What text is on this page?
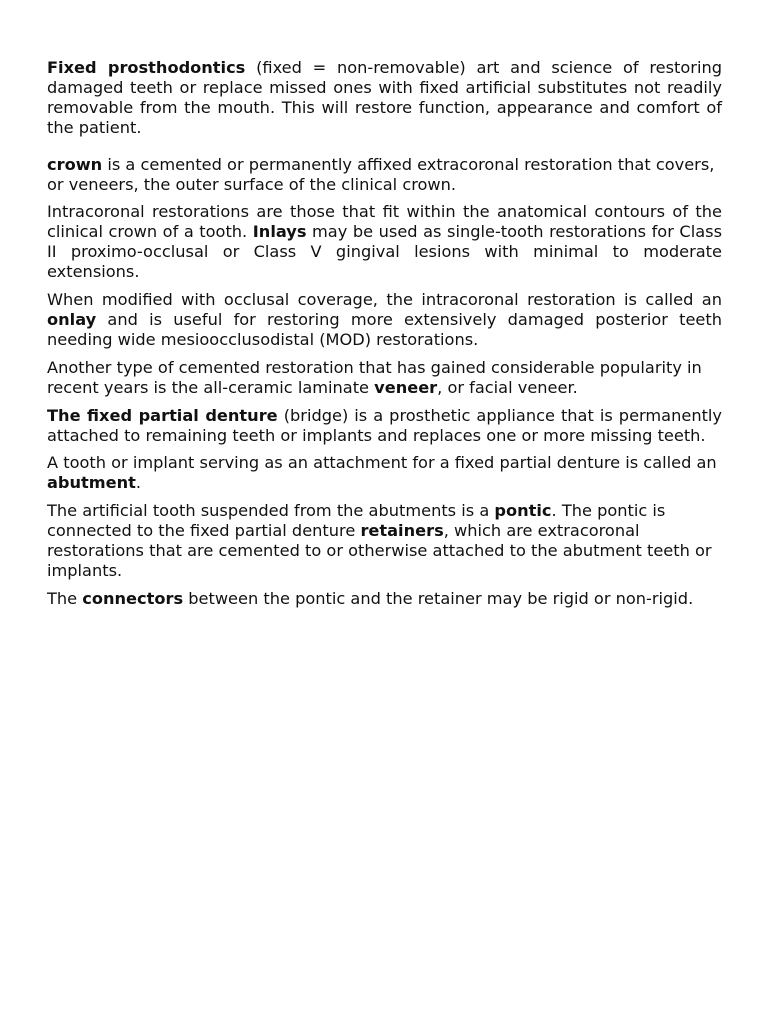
Fixed prosthodontics (fixed = non-removable) art and science of restoring damaged teeth or replace missed ones with fixed artificial substitutes not readily removable from the mouth. This will restore function, appearance and comfort of the patient.

crown is a cemented or permanently affixed extracoronal restoration that covers, or veneers, the outer surface of the clinical crown.

Intracoronal restorations are those that fit within the anatomical contours of the clinical crown of a tooth. Inlays may be used as single-tooth restorations for Class II proximo-occlusal or Class V gingival lesions with minimal to moderate extensions.

When modified with occlusal coverage, the intracoronal restoration is called an onlay and is useful for restoring more extensively damaged posterior teeth needing wide mesioocclusodistal (MOD) restorations.

Another type of cemented restoration that has gained considerable popularity in recent years is the all-ceramic laminate veneer, or facial veneer.

The fixed partial denture (bridge) is a prosthetic appliance that is permanently attached to remaining teeth or implants and replaces one or more missing teeth.

A tooth or implant serving as an attachment for a fixed partial denture is called an abutment.

The artificial tooth suspended from the abutments is a pontic. The pontic is connected to the fixed partial denture retainers, which are extracoronal restorations that are cemented to or otherwise attached to the abutment teeth or implants.

The connectors between the pontic and the retainer may be rigid or non-rigid.
